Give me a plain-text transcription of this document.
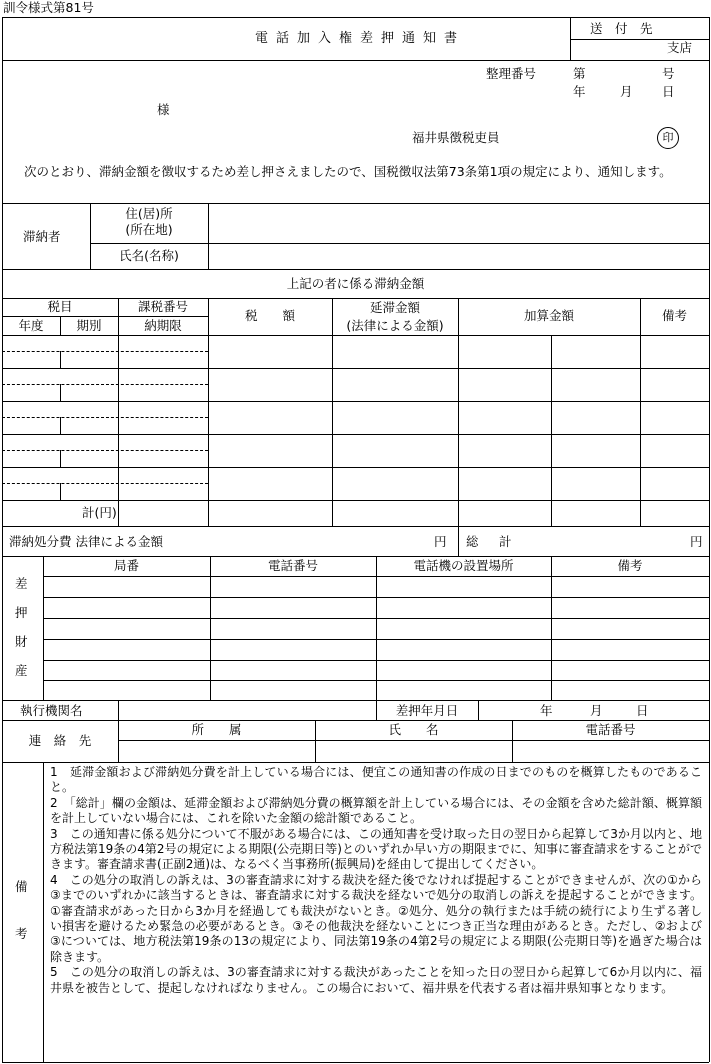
訓令様式第81号
電話加入権差押通知書
送　付　先
支店
整理番号	第	号
年	月 日
様
福井県徴税吏員	印
次のとおり、滞納金額を徴収するため差し押さえましたので、国税徴収法第73条第1項の規定により、通知します。
滞納者
住(居)所
(所在地)
氏名(名称)
上記の者に係る滞納金額
税目	課税番号
年度	期別	納期限
税　　額
延滞金額
(法律による金額)
加算金額	備考
計(円)
滞納処分費 法律による金額	円 総　計	円
局番	電話番号	電話機の設置場所	備考
差
押
財
産
執行機関名	差押年月日	年	月	日
連　絡　先
所　　属	氏　　名	電話番号
備
考

1　延滞金額および滞納処分費を計上している場合には、便宜この通知書の作成の日までのものを概算したものであること。

2　「総計」欄の金額は、延滞金額および滞納処分費の概算額を計上している場合には、その金額を含めた総計額、概算額を計上していない場合には、これを除いた金額の総計額であること。

3　この通知書に係る処分について不服がある場合には、この通知書を受け取った日の翌日から起算して3か月以内と、地方税法第19条の4第2号の規定による期限(公売期日等)とのいずれか早い方の期限までに、知事に審査請求をすることができます。審査請求書(正副2通)は、なるべく当事務所(振興局)を経由して提出してください。

4　この処分の取消しの訴えは、3の審査請求に対する裁決を経た後でなければ提起することができませんが、次の①から③までのいずれかに該当するときは、審査請求に対する裁決を経ないで処分の取消しの訴えを提起することができます。①審査請求があった日から3か月を経過しても裁決がないとき。②処分、処分の執行または手続の続行により生ずる著しい損害を避けるため緊急の必要があるとき。③その他裁決を経ないことにつき正当な理由があるとき。ただし、②および③については、地方税法第19条の13の規定により、同法第19条の4第2号の規定による期限(公売期日等)を過ぎた場合は除きます。

5　この処分の取消しの訴えは、3の審査請求に対する裁決があったことを知った日の翌日から起算して6か月以内に、福井県を被告として、提起しなければなりません。この場合において、福井県を代表する者は福井県知事となります。
